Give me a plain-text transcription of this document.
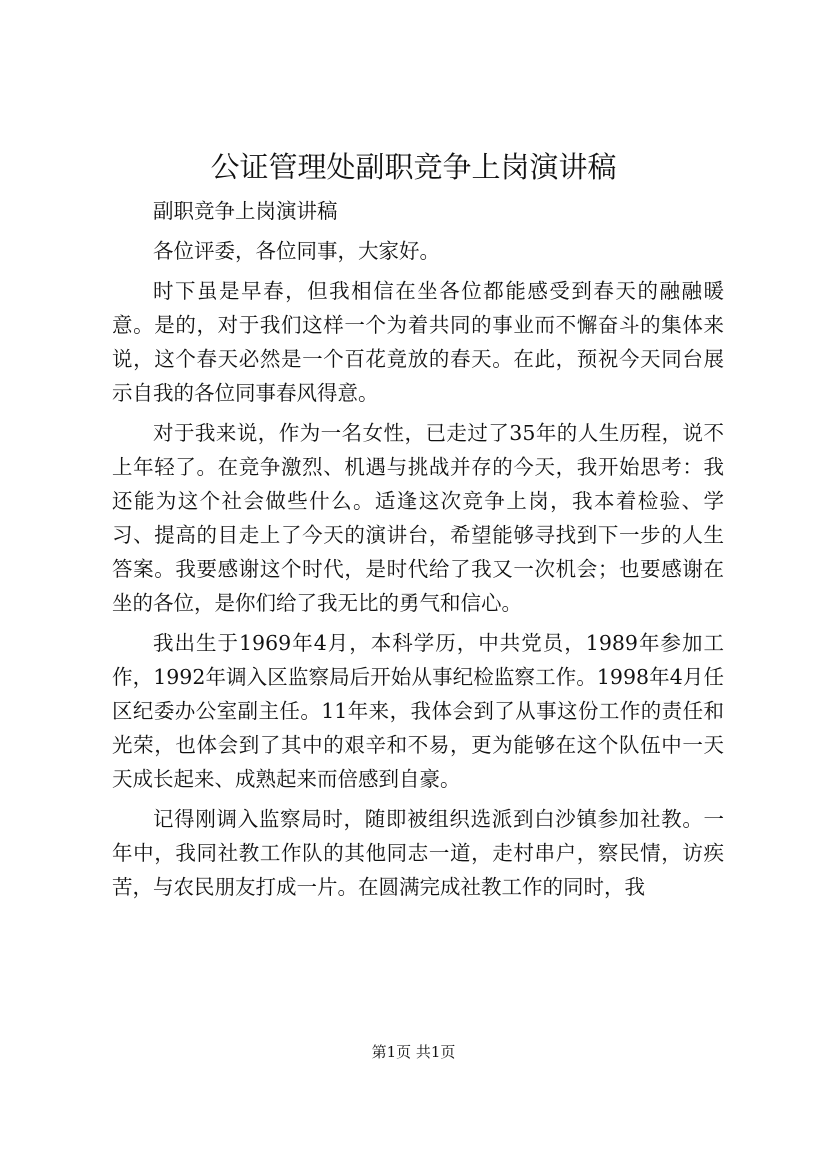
公证管理处副职竞争上岗演讲稿

副职竞争上岗演讲稿

各位评委，各位同事，大家好。

时下虽是早春，但我相信在坐各位都能感受到春天的融融暖意。是的，对于我们这样一个为着共同的事业而不懈奋斗的集体来说，这个春天必然是一个百花竟放的春天。在此，预祝今天同台展示自我的各位同事春风得意。

对于我来说，作为一名女性，已走过了35年的人生历程，说不上年轻了。在竞争激烈、机遇与挑战并存的今天，我开始思考：我还能为这个社会做些什么。适逢这次竞争上岗，我本着检验、学习、提高的目走上了今天的演讲台，希望能够寻找到下一步的人生答案。我要感谢这个时代，是时代给了我又一次机会；也要感谢在坐的各位，是你们给了我无比的勇气和信心。

我出生于1969年4月，本科学历，中共党员，1989年参加工作，1992年调入区监察局后开始从事纪检监察工作。1998年4月任区纪委办公室副主任。11年来，我体会到了从事这份工作的责任和光荣，也体会到了其中的艰辛和不易，更为能够在这个队伍中一天天成长起来、成熟起来而倍感到自豪。

记得刚调入监察局时，随即被组织选派到白沙镇参加社教。一年中，我同社教工作队的其他同志一道，走村串户，察民情，访疾苦，与农民朋友打成一片。在圆满完成社教工作的同时，我

第1页 共1页
